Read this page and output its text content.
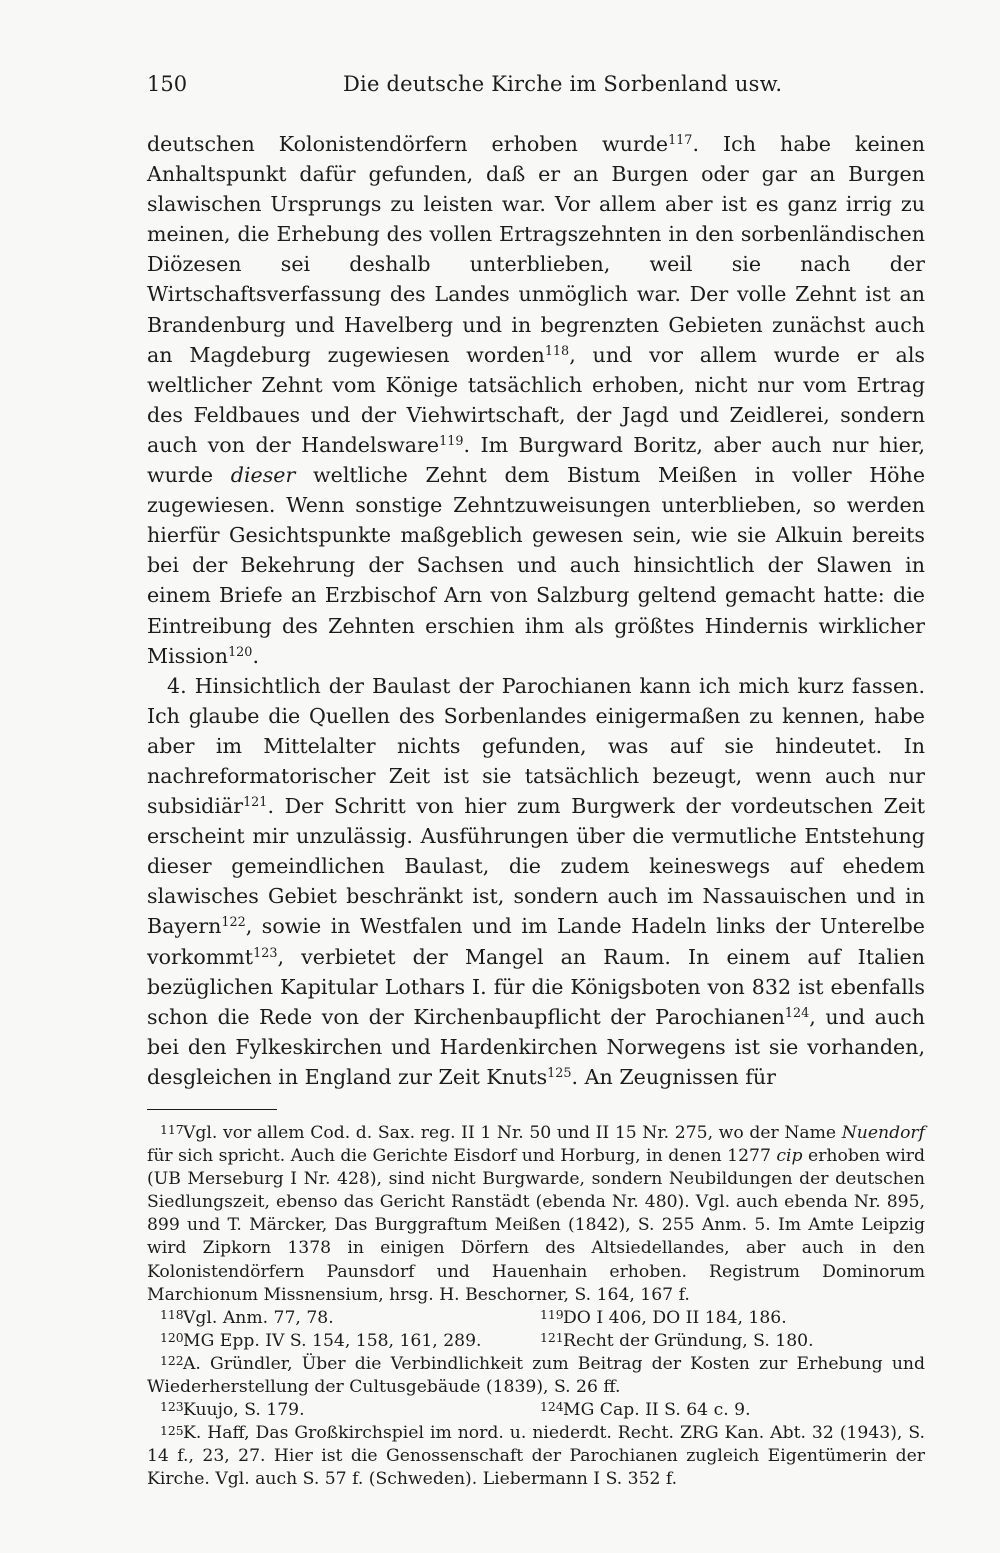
150	Die deutsche Kirche im Sorbenland usw.

deutschen Kolonistendörfern erhoben wurde$^{117}$. Ich habe keinen Anhaltspunkt dafür gefunden, daß er an Burgen oder gar an Burgen slawischen Ursprungs zu leisten war. Vor allem aber ist es ganz irrig zu meinen, die Erhebung des vollen Ertragszehnten in den sorbenländischen Diözesen sei deshalb unterblieben, weil sie nach der Wirtschaftsverfassung des Landes unmöglich war. Der volle Zehnt ist an Brandenburg und Havelberg und in begrenzten Gebieten zunächst auch an Magdeburg zugewiesen worden$^{118}$, und vor allem wurde er als weltlicher Zehnt vom Könige tatsächlich erhoben, nicht nur vom Ertrag des Feldbaues und der Viehwirtschaft, der Jagd und Zeidlerei, sondern auch von der Handelsware$^{119}$. Im Burgward Boritz, aber auch nur hier, wurde dieser weltliche Zehnt dem Bistum Meißen in voller Höhe zugewiesen. Wenn sonstige Zehntzuweisungen unterblieben, so werden hierfür Gesichtspunkte maßgeblich gewesen sein, wie sie Alkuin bereits bei der Bekehrung der Sachsen und auch hinsichtlich der Slawen in einem Briefe an Erzbischof Arn von Salzburg geltend gemacht hatte: die Eintreibung des Zehnten erschien ihm als größtes Hindernis wirklicher Mission$^{120}$.

4. Hinsichtlich der Baulast der Parochianen kann ich mich kurz fassen. Ich glaube die Quellen des Sorbenlandes einigermaßen zu kennen, habe aber im Mittelalter nichts gefunden, was auf sie hindeutet. In nachreformatorischer Zeit ist sie tatsächlich bezeugt, wenn auch nur subsidiär$^{121}$. Der Schritt von hier zum Burgwerk der vordeutschen Zeit erscheint mir unzulässig. Ausführungen über die vermutliche Entstehung dieser gemeindlichen Baulast, die zudem keineswegs auf ehedem slawisches Gebiet beschränkt ist, sondern auch im Nassauischen und in Bayern$^{122}$, sowie in Westfalen und im Lande Hadeln links der Unterelbe vorkommt$^{123}$, verbietet der Mangel an Raum. In einem auf Italien bezüglichen Kapitular Lothars I. für die Königsboten von 832 ist ebenfalls schon die Rede von der Kirchenbaupflicht der Parochianen$^{124}$, und auch bei den Fylkeskirchen und Hardenkirchen Norwegens ist sie vorhanden, desgleichen in England zur Zeit Knuts$^{125}$. An Zeugnissen für

117Vgl. vor allem Cod. d. Sax. reg. II 1 Nr. 50 und II 15 Nr. 275, wo der Name Nuendorf für sich spricht. Auch die Gerichte Eisdorf und Horburg, in denen 1277 cip erhoben wird (UB Merseburg I Nr. 428), sind nicht Burgwarde, sondern Neubildungen der deutschen Siedlungszeit, ebenso das Gericht Ranstädt (ebenda Nr. 480). Vgl. auch ebenda Nr. 895, 899 und T. Märcker, Das Burggraftum Meißen (1842), S. 255 Anm. 5. Im Amte Leipzig wird Zipkorn 1378 in einigen Dörfern des Altsiedellandes, aber auch in den Kolonistendörfern Paunsdorf und Hauenhain erhoben. Registrum Dominorum Marchionum Missnensium, hrsg. H. Beschorner, S. 164, 167 f.
118Vgl. Anm. 77, 78.	119DO I 406, DO II 184, 186.
120MG Epp. IV S. 154, 158, 161, 289.	121Recht der Gründung, S. 180.
122A. Gründler, Über die Verbindlichkeit zum Beitrag der Kosten zur Erhebung und Wiederherstellung der Cultusgebäude (1839), S. 26 ff.
123Kuujo, S. 179.	124MG Cap. II S. 64 c. 9.
125K. Haff, Das Großkirchspiel im nord. u. niederdt. Recht. ZRG Kan. Abt. 32 (1943), S. 14 f., 23, 27. Hier ist die Genossenschaft der Parochianen zugleich Eigentümerin der Kirche. Vgl. auch S. 57 f. (Schweden). Liebermann I S. 352 f.
